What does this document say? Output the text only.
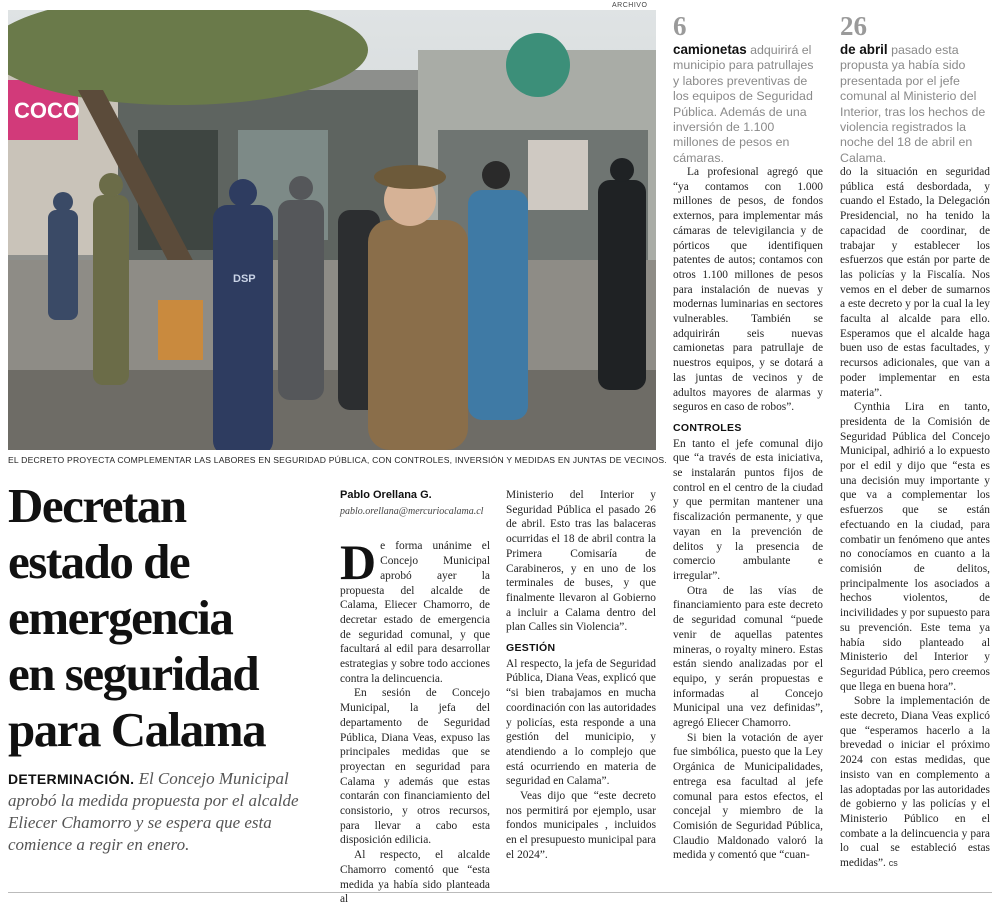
COCO
DSP
ARCHIVO
EL DECRETO PROYECTA COMPLEMENTAR LAS LABORES EN SEGURIDAD PÚBLICA, CON CONTROLES, INVERSIÓN Y MEDIDAS EN JUNTAS DE VECINOS.
Decretan
estado de
emergencia
en seguridad
para Calama
DETERMINACIÓN. El Concejo Municipal aprobó la medida propuesta por el alcalde Eliecer Chamorro y se espera que esta comience a regir en enero.
Pablo Orellana G.
pablo.orellana@mercuriocalama.cl

De forma unánime el Concejo Municipal aprobó ayer la propuesta del alcalde de Calama, Eliecer Chamorro, de decretar estado de emergencia de seguridad comunal, y que facultará al edil para desarrollar estrategias y sobre todo acciones contra la delincuencia.

En sesión de Concejo Municipal, la jefa del departamento de Seguridad Pública, Diana Veas, expuso las principales medidas que se proyectan en seguridad para Calama y además que estas contarán con financiamiento del consistorio, y otros recursos, para llevar a cabo esta disposición edilicia.

Al respecto, el alcalde Chamorro comentó que “esta medida ya había sido planteada al

Ministerio del Interior y Seguridad Pública el pasado 26 de abril. Esto tras las balaceras ocurridas el 18 de abril contra la Primera Comisaría de Carabineros, y en uno de los terminales de buses, y que finalmente llevaron al Gobierno a incluir a Calama dentro del plan Calles sin Violencia”.

GESTIÓN

Al respecto, la jefa de Seguridad Pública, Diana Veas, explicó que “si bien trabajamos en mucha coordinación con las autoridades y policías, esta responde a una gestión del municipio, y atendiendo a lo complejo que está ocurriendo en materia de seguridad en Calama”.

Veas dijo que “este decreto nos permitirá por ejemplo, usar fondos municipales , incluidos en el presupuesto municipal para el 2024”.

6
camionetas adquirirá el municipio para patrullajes y labores preventivas de los equipos de Seguridad Pública. Además de una inversión de 1.100 millones de pesos en cámaras.
26
de abril pasado esta propusta ya había sido presentada por el jefe comunal al Ministerio del Interior, tras los hechos de violencia registrados la noche del 18 de abril en Calama.

La profesional agregó que “ya contamos con 1.000 millones de pesos, de fondos externos, para implementar más cámaras de televigilancia y de pórticos que identifiquen patentes de autos; contamos con otros 1.100 millones de pesos para instalación de nuevas y modernas luminarias en sectores vulnerables. También se adquirirán seis nuevas camionetas para patrullaje de nuestros equipos, y se dotará a las juntas de vecinos y de adultos mayores de alarmas y seguros en caso de robos”.

CONTROLES

En tanto el jefe comunal dijo que “a través de esta iniciativa, se instalarán puntos fijos de control en el centro de la ciudad y que permitan mantener una fiscalización permanente, y que vayan en la prevención de delitos y la presencia de comercio ambulante e irregular”.

Otra de las vías de financiamiento para este decreto de seguridad comunal “puede venir de aquellas patentes mineras, o royalty minero. Estas están siendo analizadas por el equipo, y serán propuestas e informadas al Concejo Municipal una vez definidas”, agregó Eliecer Chamorro.

Si bien la votación de ayer fue simbólica, puesto que la Ley Orgánica de Municipalidades, entrega esa facultad al jefe comunal para estos efectos, el concejal y miembro de la Comisión de Seguridad Pública, Claudio Maldonado valoró la medida y comentó que “cuan-

do la situación en seguridad pública está desbordada, y cuando el Estado, la Delegación Presidencial, no ha tenido la capacidad de coordinar, de trabajar y establecer los esfuerzos que están por parte de las policías y la Fiscalía. Nos vemos en el deber de sumarnos a este decreto y por la cual la ley faculta al alcalde para ello. Esperamos que el alcalde haga buen uso de estas facultades, y recursos adicionales, que van a poder implementar en esta materia”.

Cynthia Lira en tanto, presidenta de la Comisión de Seguridad Pública del Concejo Municipal, adhirió a lo expuesto por el edil y dijo que “esta es una decisión muy importante y que va a complementar los esfuerzos que se están efectuando en la ciudad, para combatir un fenómeno que antes no conocíamos en cuanto a la comisión de delitos, principalmente los asociados a hechos violentos, de incivilidades y por supuesto para su prevención. Este tema ya había sido planteado al Ministerio del Interior y Seguridad Pública, pero creemos que llega en buena hora”.

Sobre la implementación de este decreto, Diana Veas explicó que “esperamos hacerlo a la brevedad o iniciar el próximo 2024 con estas medidas, que insisto van en complemento a las adoptadas por las autoridades de gobierno y las policías y el Ministerio Público en el combate a la delincuencia y para lo cual se estableció estas medidas”. cs
